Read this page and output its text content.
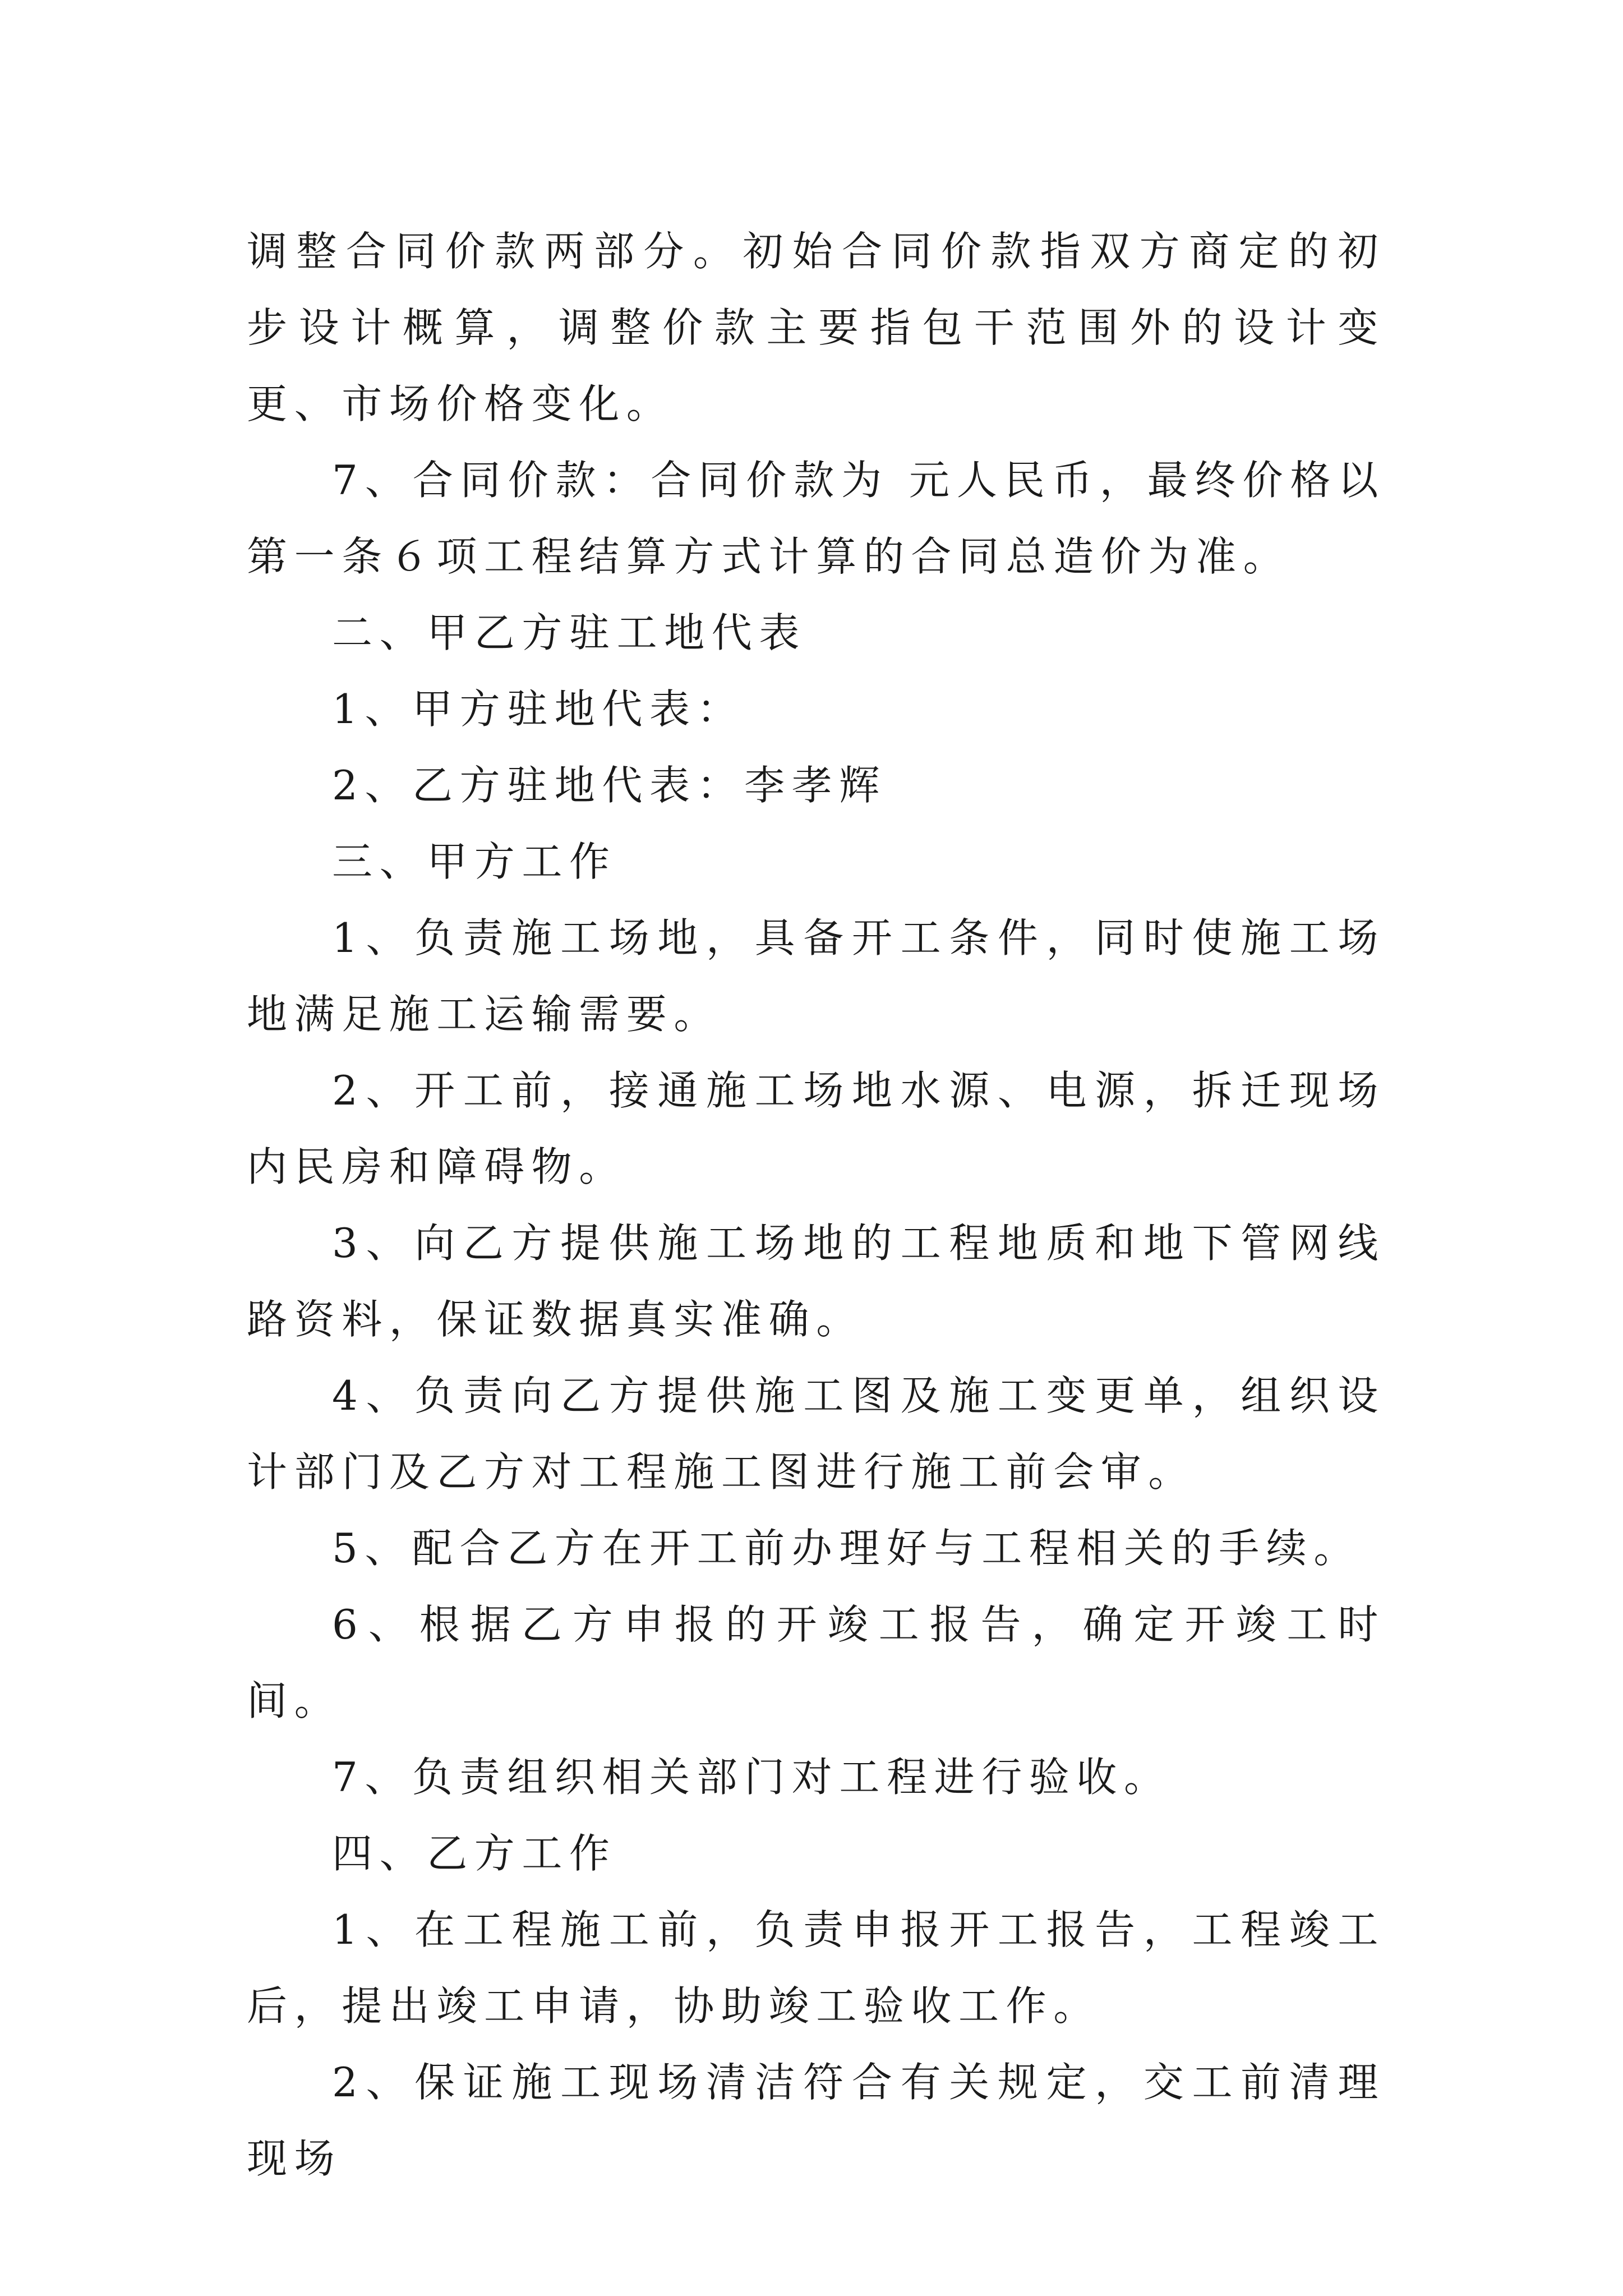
调整合同价款两部分。初始合同价款指双方商定的初步设计概算，调整价款主要指包干范围外的设计变更、市场价格变化。

7、合同价款：合同价款为 元人民币，最终价格以第一条６项工程结算方式计算的合同总造价为准。

二、甲乙方驻工地代表

1、甲方驻地代表：

2、乙方驻地代表：李孝辉

三、甲方工作

1、负责施工场地，具备开工条件，同时使施工场地满足施工运输需要。

2、开工前，接通施工场地水源、电源，拆迁现场内民房和障碍物。

3、向乙方提供施工场地的工程地质和地下管网线路资料，保证数据真实准确。

4、负责向乙方提供施工图及施工变更单，组织设计部门及乙方对工程施工图进行施工前会审。

5、配合乙方在开工前办理好与工程相关的手续。

6、根据乙方申报的开竣工报告，确定开竣工时间。

7、负责组织相关部门对工程进行验收。

四、乙方工作

1、在工程施工前，负责申报开工报告，工程竣工后，提出竣工申请，协助竣工验收工作。

2、保证施工现场清洁符合有关规定，交工前清理现场
